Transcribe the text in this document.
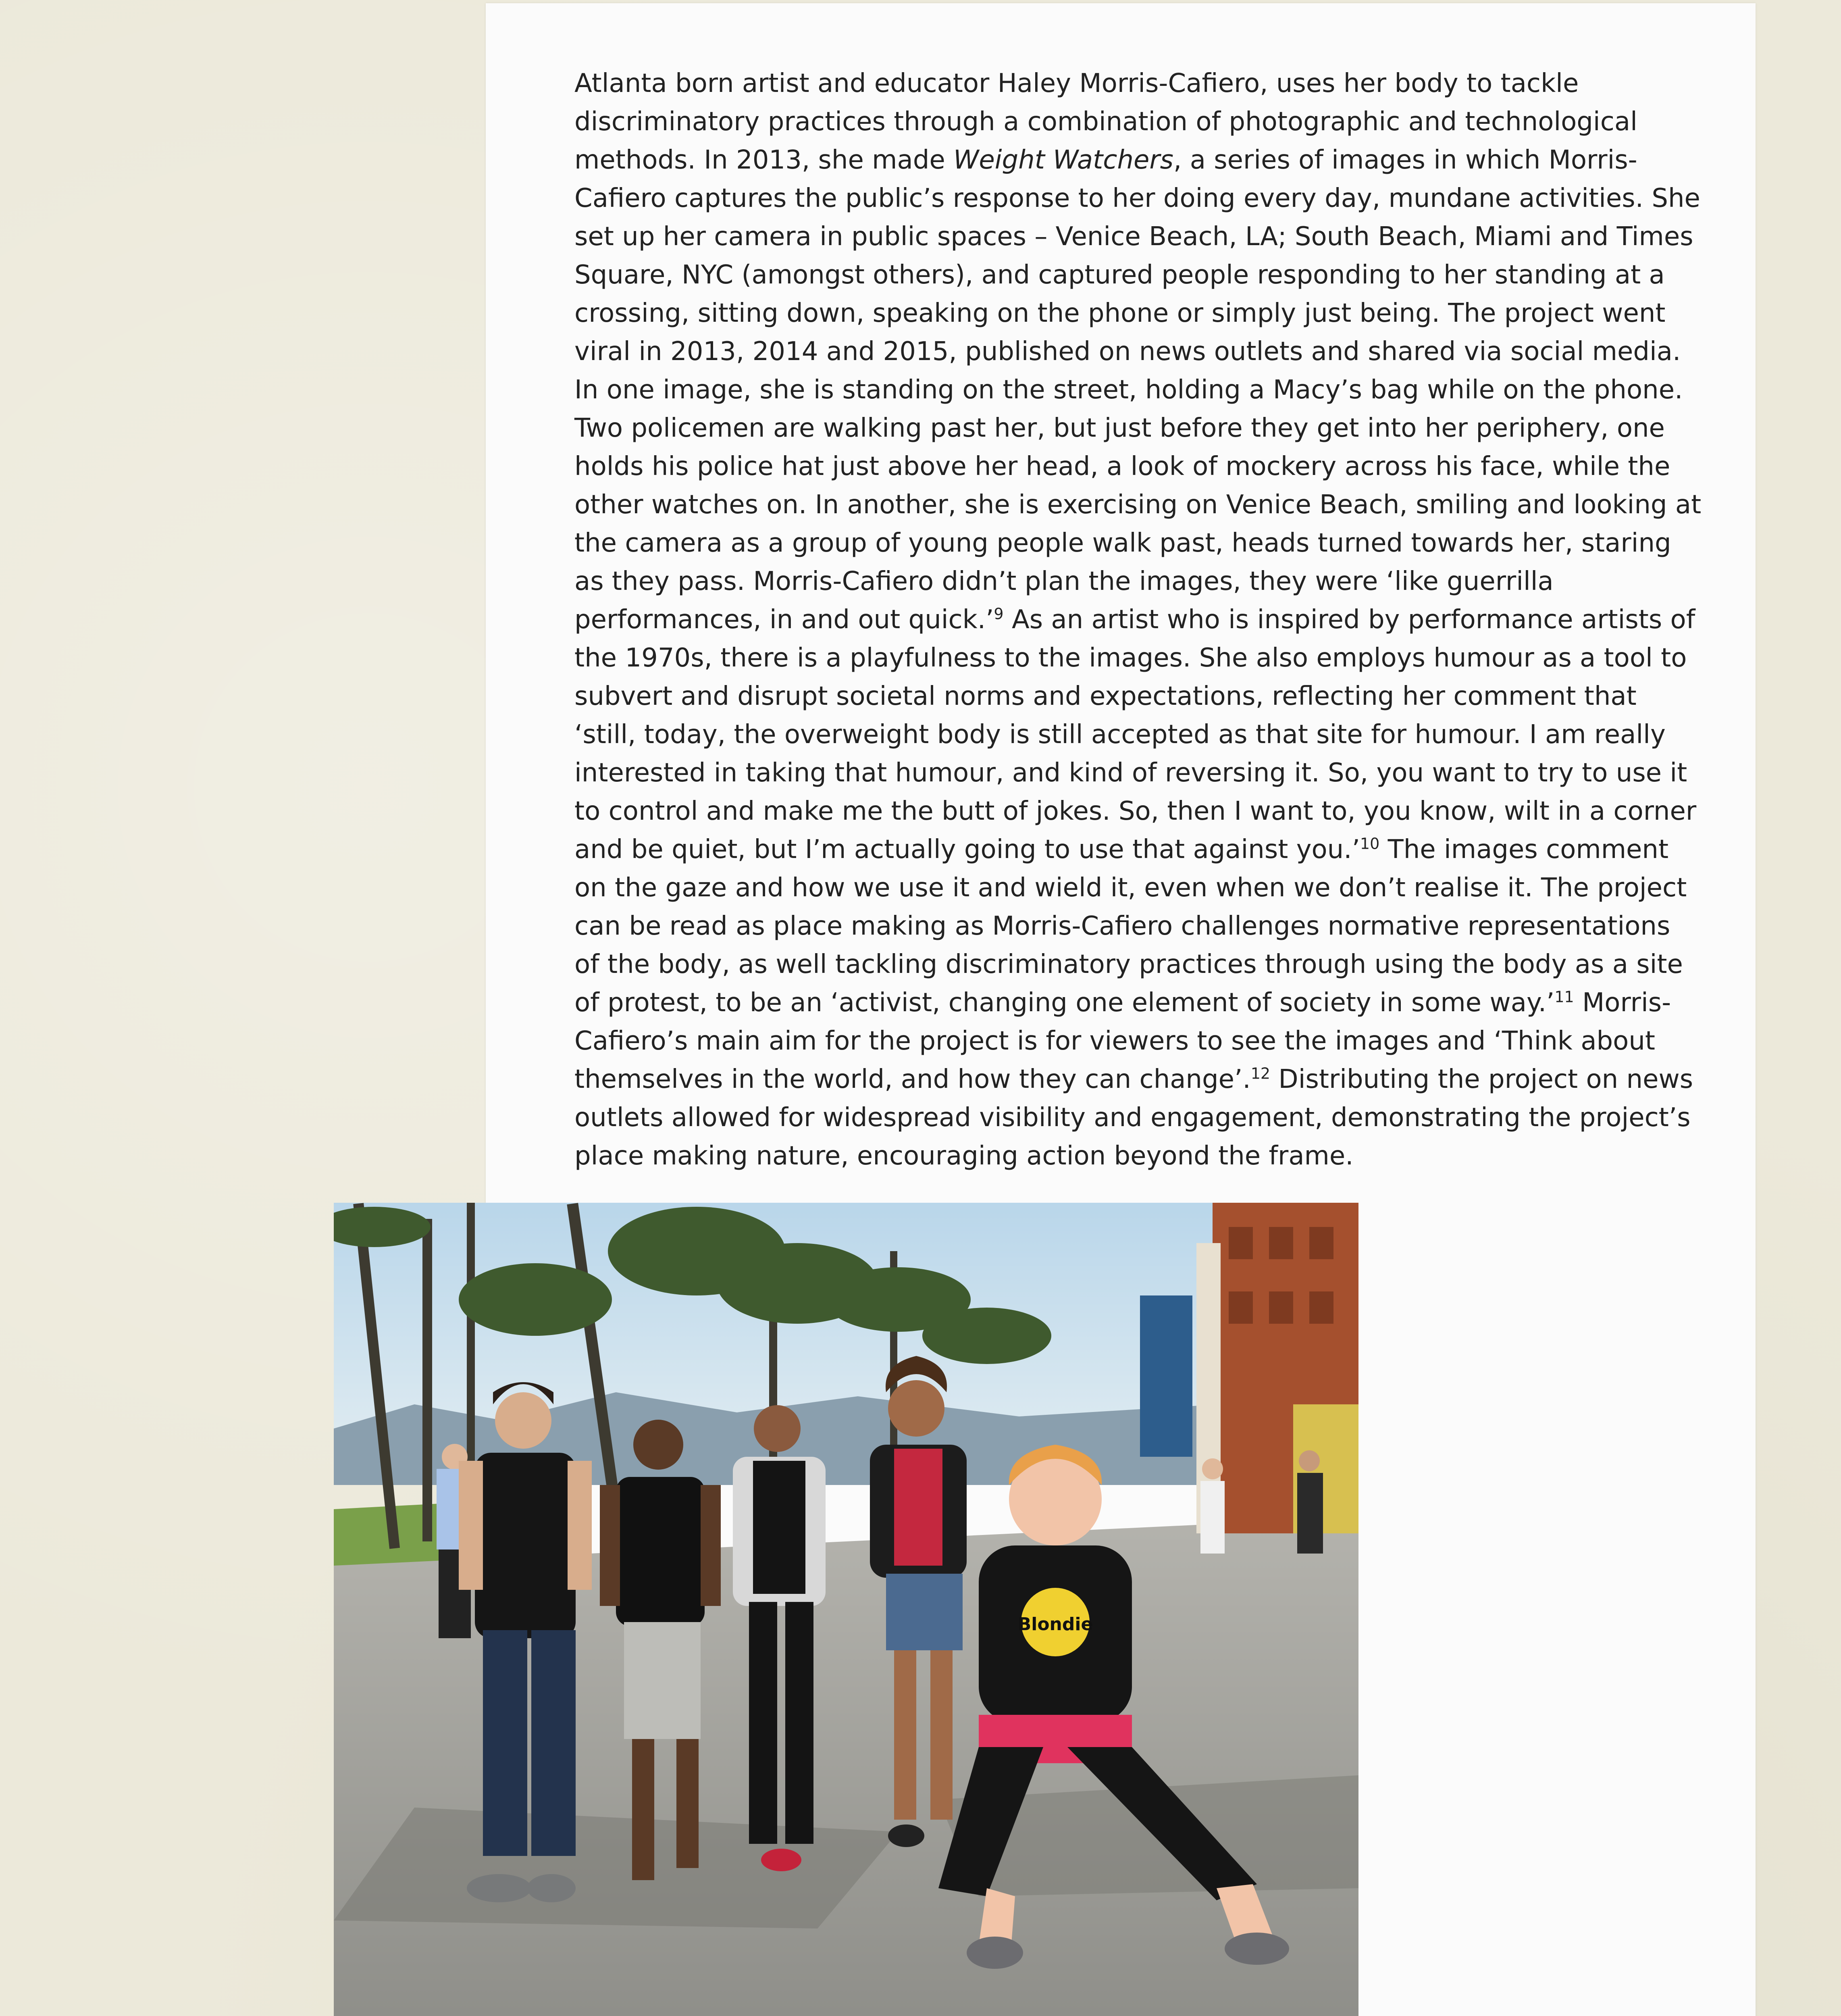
Atlanta born artist and educator Haley Morris-Cafiero, uses her body to tackle discriminatory practices through a combination of photographic and technological methods. In 2013, she made Weight Watchers, a series of images in which Morris-Cafiero captures the public’s response to her doing every day, mundane activities. She set up her camera in public spaces – Venice Beach, LA; South Beach, Miami and Times Square, NYC (amongst others), and captured people responding to her standing at a crossing, sitting down, speaking on the phone or simply just being. The project went viral in 2013, 2014 and 2015, published on news outlets and shared via social media. In one image, she is standing on the street, holding a Macy’s bag while on the phone. Two policemen are walking past her, but just before they get into her periphery, one holds his police hat just above her head, a look of mockery across his face, while the other watches on. In another, she is exercising on Venice Beach, smiling and looking at the camera as a group of young people walk past, heads turned towards her, staring as they pass. Morris-Cafiero didn’t plan the images, they were ‘like guerrilla performances, in and out quick.’$^9$ As an artist who is inspired by performance artists of the 1970s, there is a playfulness to the images. She also employs humour as a tool to subvert and disrupt societal norms and expectations, reflecting her comment that ‘still, today, the overweight body is still accepted as that site for humour. I am really interested in taking that humour, and kind of reversing it. So, you want to try to use it to control and make me the butt of jokes. So, then I want to, you know, wilt in a corner and be quiet, but I’m actually going to use that against you.’$^{10}$ The images comment on the gaze and how we use it and wield it, even when we don’t realise it. The project can be read as place making as Morris-Cafiero challenges normative representations of the body, as well tackling discriminatory practices through using the body as a site of protest, to be an ‘activist, changing one element of society in some way.’$^{11}$ Morris-Cafiero’s main aim for the project is for viewers to see the images and ‘Think about themselves in the world, and how they can change’.$^{12}$ Distributing the project on news outlets allowed for widespread visibility and engagement, demonstrating the project’s place making nature, encouraging action beyond the frame.

Blondie
